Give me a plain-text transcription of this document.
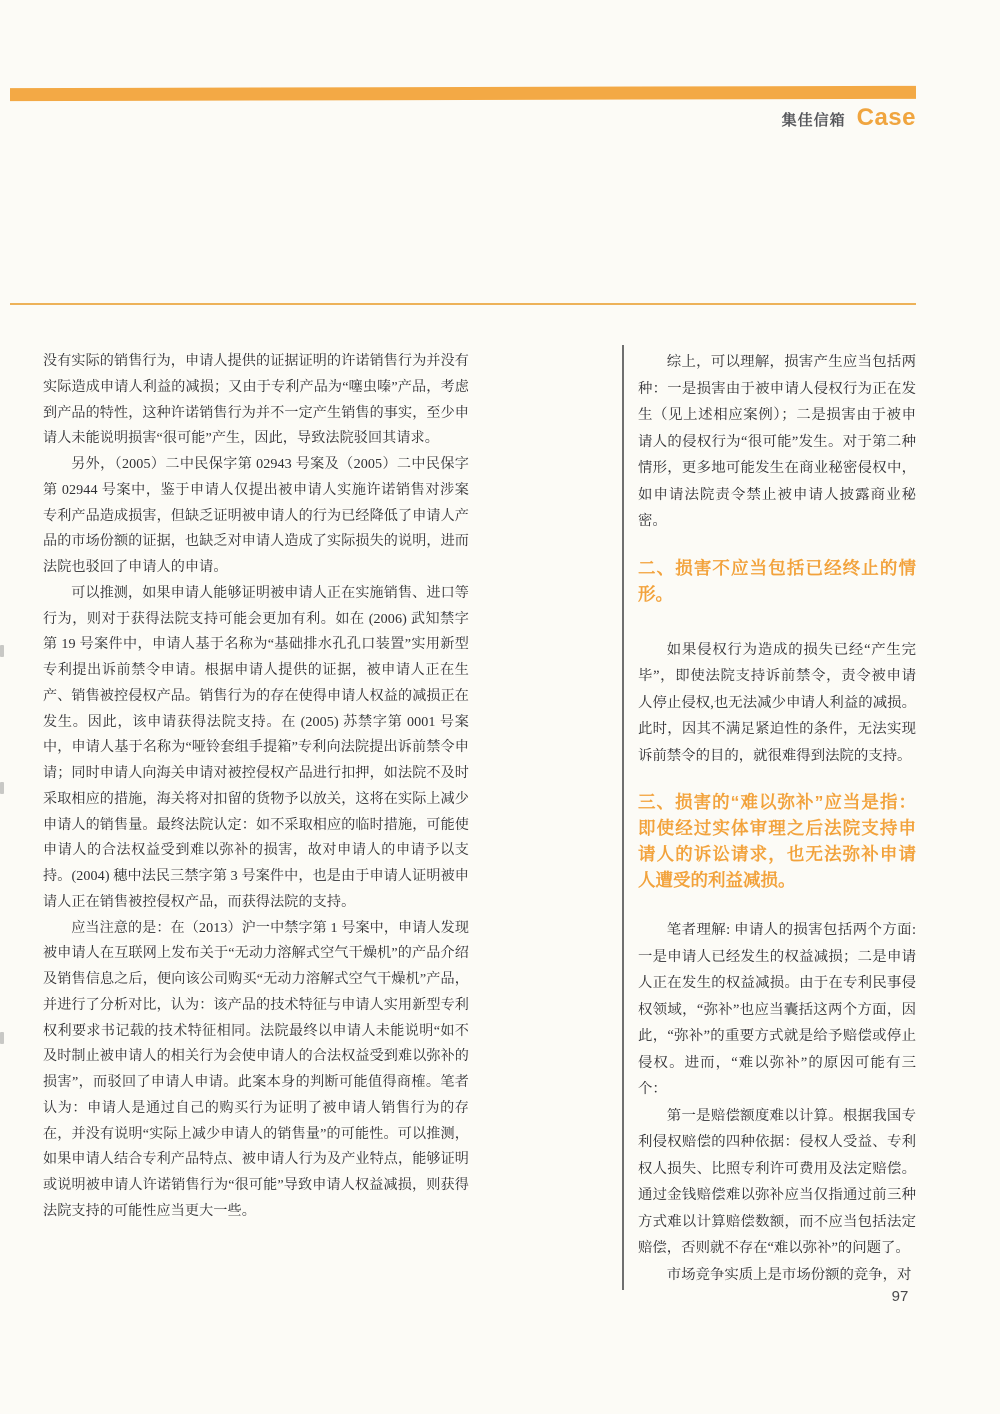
集佳信箱 Case

没有实际的销售行为，申请人提供的证据证明的许诺销售行为并没有实际造成申请人利益的减损；又由于专利产品为“噻虫嗪”产品，考虑到产品的特性，这种许诺销售行为并不一定产生销售的事实，至少申请人未能说明损害“很可能”产生，因此，导致法院驳回其请求。

另外，（2005）二中民保字第 02943 号案及（2005）二中民保字第 02944 号案中，鉴于申请人仅提出被申请人实施许诺销售对涉案专利产品造成损害，但缺乏证明被申请人的行为已经降低了申请人产品的市场份额的证据，也缺乏对申请人造成了实际损失的说明，进而法院也驳回了申请人的申请。

可以推测，如果申请人能够证明被申请人正在实施销售、进口等行为，则对于获得法院支持可能会更加有利。如在 (2006) 武知禁字第 19 号案件中，申请人基于名称为“基础排水孔孔口装置”实用新型专利提出诉前禁令申请。根据申请人提供的证据，被申请人正在生产、销售被控侵权产品。销售行为的存在使得申请人权益的减损正在发生。因此，该申请获得法院支持。在 (2005) 苏禁字第 0001 号案中，申请人基于名称为“哑铃套组手提箱”专利向法院提出诉前禁令申请；同时申请人向海关申请对被控侵权产品进行扣押，如法院不及时采取相应的措施，海关将对扣留的货物予以放关，这将在实际上减少申请人的销售量。最终法院认定：如不采取相应的临时措施，可能使申请人的合法权益受到难以弥补的损害，故对申请人的申请予以支持。(2004) 穗中法民三禁字第 3 号案件中，也是由于申请人证明被申请人正在销售被控侵权产品，而获得法院的支持。

应当注意的是：在（2013）沪一中禁字第 1 号案中，申请人发现被申请人在互联网上发布关于“无动力溶解式空气干燥机”的产品介绍及销售信息之后，便向该公司购买“无动力溶解式空气干燥机”产品，并进行了分析对比，认为：该产品的技术特征与申请人实用新型专利权利要求书记载的技术特征相同。法院最终以申请人未能说明“如不及时制止被申请人的相关行为会使申请人的合法权益受到难以弥补的损害”，而驳回了申请人申请。此案本身的判断可能值得商榷。笔者认为：申请人是通过自己的购买行为证明了被申请人销售行为的存在，并没有说明“实际上减少申请人的销售量”的可能性。可以推测，如果申请人结合专利产品特点、被申请人行为及产业特点，能够证明或说明被申请人许诺销售行为“很可能”导致申请人权益减损，则获得法院支持的可能性应当更大一些。

综上，可以理解，损害产生应当包括两种：一是损害由于被申请人侵权行为正在发生（见上述相应案例）；二是损害由于被申请人的侵权行为“很可能”发生。对于第二种情形，更多地可能发生在商业秘密侵权中，如申请法院责令禁止被申请人披露商业秘密。

二、损害不应当包括已经终止的情形。

如果侵权行为造成的损失已经“产生完毕”，即使法院支持诉前禁令，责令被申请人停止侵权,也无法减少申请人利益的减损。此时，因其不满足紧迫性的条件，无法实现诉前禁令的目的，就很难得到法院的支持。

三、损害的“难以弥补”应当是指：即使经过实体审理之后法院支持申请人的诉讼请求，也无法弥补申请人遭受的利益减损。

笔者理解: 申请人的损害包括两个方面: 一是申请人已经发生的权益减损；二是申请人正在发生的权益减损。由于在专利民事侵权领域，“弥补”也应当囊括这两个方面，因此，“弥补”的重要方式就是给予赔偿或停止侵权。进而，“难以弥补”的原因可能有三个：

第一是赔偿额度难以计算。根据我国专利侵权赔偿的四种依据：侵权人受益、专利权人损失、比照专利许可费用及法定赔偿。通过金钱赔偿难以弥补应当仅指通过前三种方式难以计算赔偿数额，而不应当包括法定赔偿，否则就不存在“难以弥补”的问题了。

市场竞争实质上是市场份额的竞争，对

97
